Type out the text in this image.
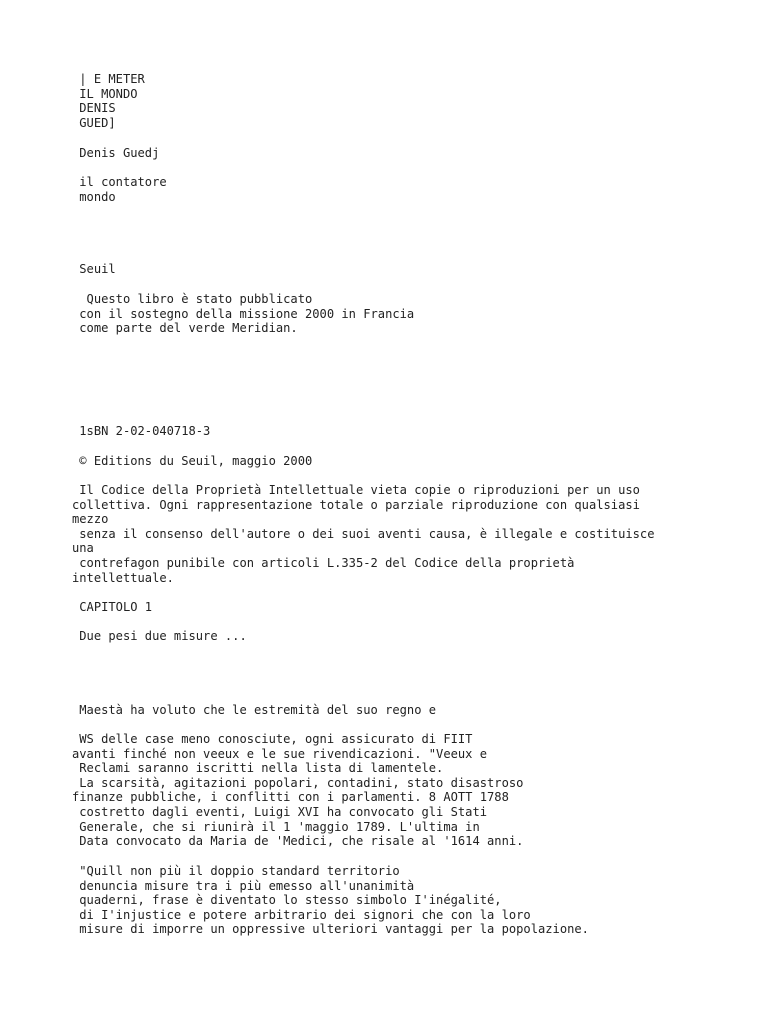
| E METER
IL MONDO
DENIS
GUED]
Denis Guedj
il contatore
mondo
Seuil
Questo libro è stato pubblicato
con il sostegno della missione 2000 in Francia
come parte del verde Meridian.
1sBN 2-02-040718-3
© Editions du Seuil, maggio 2000
Il Codice della Proprietà Intellettuale vieta copie o riproduzioni per un uso
collettiva. Ogni rappresentazione totale o parziale riproduzione con qualsiasi
mezzo
senza il consenso dell'autore o dei suoi aventi causa, è illegale e costituisce
una
contrefagon punibile con articoli L.335-2 del Codice della proprietà
intellettuale.
CAPITOLO 1
Due pesi due misure ...
Maestà ha voluto che le estremità del suo regno e
WS delle case meno conosciute, ogni assicurato di FIIT
avanti finché non veeux e le sue rivendicazioni. "Veeux e
Reclami saranno iscritti nella lista di lamentele.
La scarsità, agitazioni popolari, contadini, stato disastroso
finanze pubbliche, i conflitti con i parlamenti. 8 AOTT 1788
costretto dagli eventi, Luigi XVI ha convocato gli Stati
Generale, che si riunirà il 1 'maggio 1789. L'ultima in
Data convocato da Maria de 'Medici, che risale al '1614 anni.
"Quill non più il doppio standard territorio
denuncia misure tra i più emesso all'unanimità
quaderni, frase è diventato lo stesso simbolo I'inégalité,
di I'injustice e potere arbitrario dei signori che con la loro
misure di imporre un oppressive ulteriori vantaggi per la popolazione.
